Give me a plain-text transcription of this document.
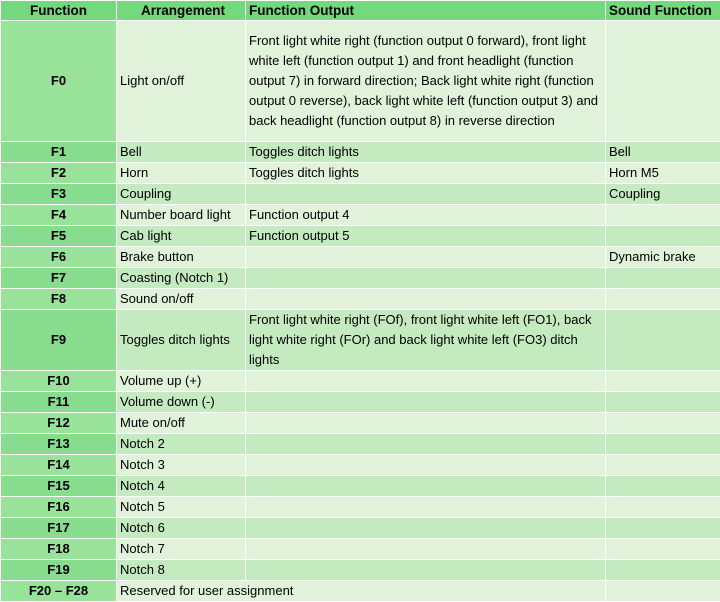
Function	Arrangement	Function Output	Sound Function
F0	Light on/off	Front light white right (function output 0 forward), front light white left (function output 1) and front headlight (function output 7) in forward direction; Back light white right (function output 0 reverse), back light white left (function output 3) and back headlight (function output 8) in reverse direction	
F1	Bell	Toggles ditch lights	Bell
F2	Horn	Toggles ditch lights	Horn M5
F3	Coupling		Coupling
F4	Number board light	Function output 4	
F5	Cab light	Function output 5	
F6	Brake button		Dynamic brake
F7	Coasting (Notch 1)		
F8	Sound on/off		
F9	Toggles ditch lights	Front light white right (FOf), front light white left (FO1), back light white right (FOr) and back light white left (FO3) ditch lights	
F10	Volume up (+)		
F11	Volume down (-)		
F12	Mute on/off		
F13	Notch 2		
F14	Notch 3		
F15	Notch 4		
F16	Notch 5		
F17	Notch 6		
F18	Notch 7		
F19	Notch 8		
F20 – F28	Reserved for user assignment		
